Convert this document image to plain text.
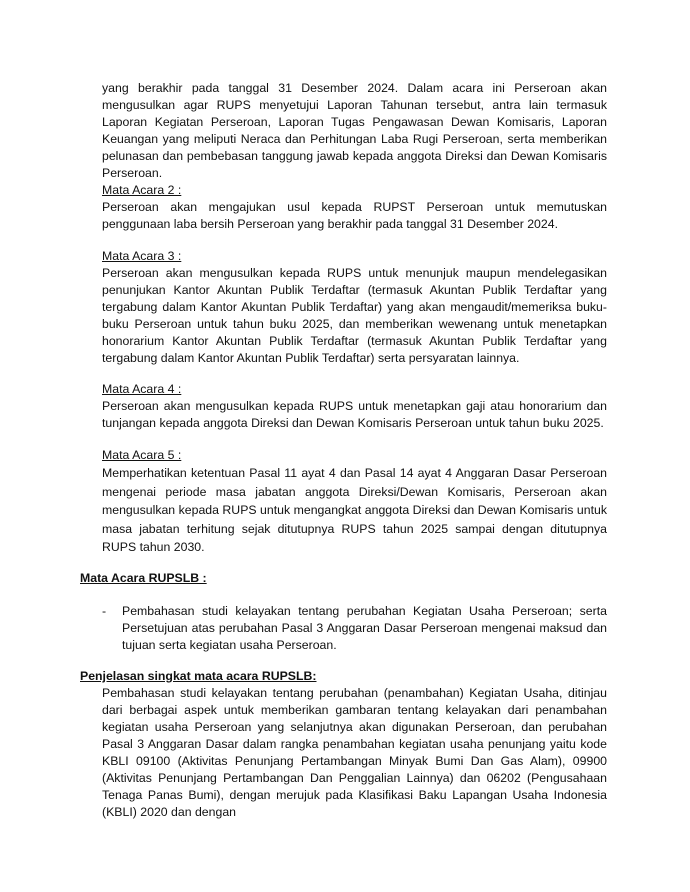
yang berakhir pada tanggal 31 Desember 2024. Dalam acara ini Perseroan akan mengusulkan agar RUPS menyetujui Laporan Tahunan tersebut, antra lain termasuk Laporan Kegiatan Perseroan, Laporan Tugas Pengawasan Dewan Komisaris, Laporan Keuangan yang meliputi Neraca dan Perhitungan Laba Rugi Perseroan, serta memberikan pelunasan dan pembebasan tanggung jawab kepada anggota Direksi dan Dewan Komisaris Perseroan.

Mata Acara 2 :

Perseroan akan mengajukan usul kepada RUPST Perseroan untuk memutuskan penggunaan laba bersih Perseroan yang berakhir pada tanggal 31 Desember 2024.

Mata Acara 3 :

Perseroan akan mengusulkan kepada RUPS untuk menunjuk maupun mendelegasikan penunjukan Kantor Akuntan Publik Terdaftar (termasuk Akuntan Publik Terdaftar yang tergabung dalam Kantor Akuntan Publik Terdaftar) yang akan mengaudit/memeriksa buku-buku Perseroan untuk tahun buku 2025, dan memberikan wewenang untuk menetapkan honorarium Kantor Akuntan Publik Terdaftar (termasuk Akuntan Publik Terdaftar yang tergabung dalam Kantor Akuntan Publik Terdaftar) serta persyaratan lainnya.

Mata Acara 4 :

Perseroan akan mengusulkan kepada RUPS untuk menetapkan gaji atau honorarium dan tunjangan kepada anggota Direksi dan Dewan Komisaris Perseroan untuk tahun buku 2025.

Mata Acara 5 :

Memperhatikan ketentuan Pasal 11 ayat 4 dan Pasal 14 ayat 4 Anggaran Dasar Perseroan mengenai periode masa jabatan anggota Direksi/Dewan Komisaris, Perseroan akan mengusulkan kepada RUPS untuk mengangkat anggota Direksi dan Dewan Komisaris untuk masa jabatan terhitung sejak ditutupnya RUPS tahun 2025 sampai dengan ditutupnya RUPS tahun 2030.

Mata Acara RUPSLB :

-	Pembahasan studi kelayakan tentang perubahan Kegiatan Usaha Perseroan; serta Persetujuan atas perubahan Pasal 3 Anggaran Dasar Perseroan mengenai maksud dan tujuan serta kegiatan usaha Perseroan.

Penjelasan singkat mata acara RUPSLB:

Pembahasan studi kelayakan tentang perubahan (penambahan) Kegiatan Usaha, ditinjau dari berbagai aspek untuk memberikan gambaran tentang kelayakan dari penambahan kegiatan usaha Perseroan yang selanjutnya akan digunakan Perseroan, dan perubahan Pasal 3 Anggaran Dasar dalam rangka penambahan kegiatan usaha penunjang yaitu kode KBLI 09100 (Aktivitas Penunjang Pertambangan Minyak Bumi Dan Gas Alam), 09900 (Aktivitas Penunjang Pertambangan Dan Penggalian Lainnya) dan 06202 (Pengusahaan Tenaga Panas Bumi), dengan merujuk pada Klasifikasi Baku Lapangan Usaha Indonesia (KBLI) 2020 dan dengan
